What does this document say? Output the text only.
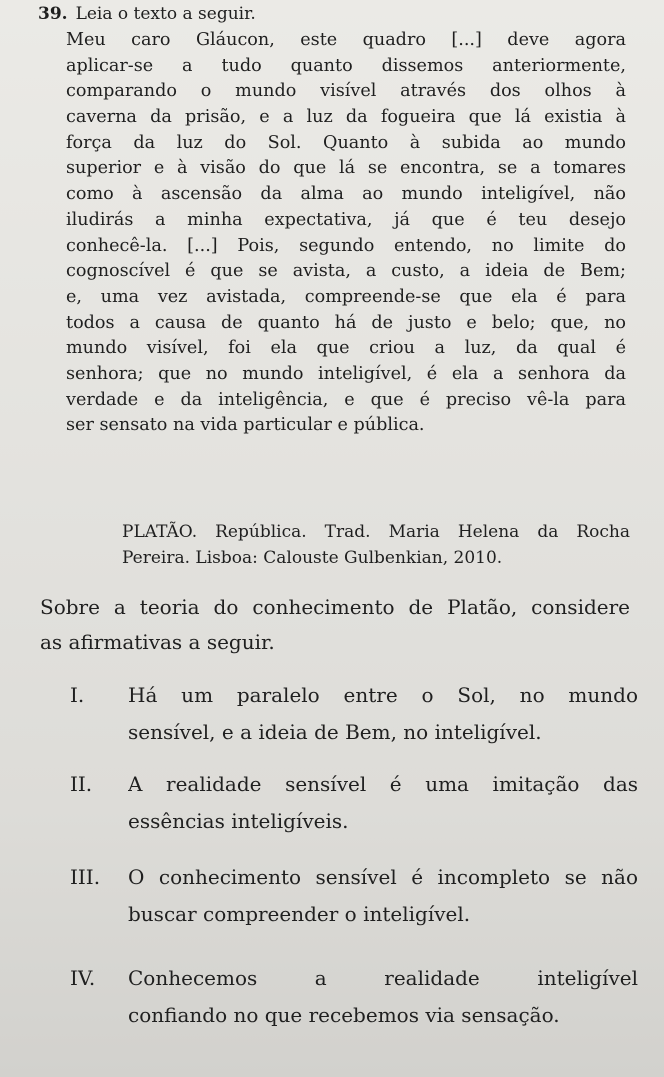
39. Leia o texto a seguir.
Meu caro Gláucon, este quadro [...] deve agora
aplicar-se a tudo quanto dissemos anteriormente,
comparando o mundo visível através dos olhos à
caverna da prisão, e a luz da fogueira que lá existia à
força da luz do Sol. Quanto à subida ao mundo
superior e à visão do que lá se encontra, se a tomares
como à ascensão da alma ao mundo inteligível, não
iludirás a minha expectativa, já que é teu desejo
conhecê-la. [...] Pois, segundo entendo, no limite do
cognoscível é que se avista, a custo, a ideia de Bem;
e, uma vez avistada, compreende-se que ela é para
todos a causa de quanto há de justo e belo; que, no
mundo visível, foi ela que criou a luz, da qual é
senhora; que no mundo inteligível, é ela a senhora da
verdade e da inteligência, e que é preciso vê-la para
ser sensato na vida particular e pública.
PLATÃO. República. Trad. Maria Helena da Rocha
Pereira. Lisboa: Calouste Gulbenkian, 2010.
Sobre a teoria do conhecimento de Platão, considere
as afirmativas a seguir.
I. Há um paralelo entre o Sol, no mundo
sensível, e a ideia de Bem, no inteligível.
II. A realidade sensível é uma imitação das
essências inteligíveis.
III. O conhecimento sensível é incompleto se não
buscar compreender o inteligível.
IV. Conhecemos a realidade inteligível
confiando no que recebemos via sensação.
